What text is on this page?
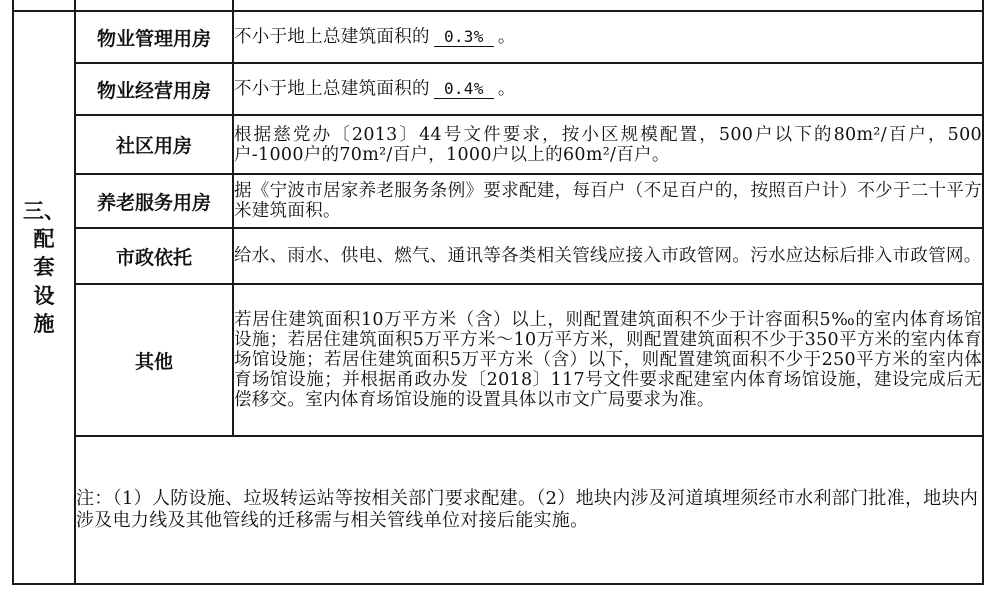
三、
配
套
设
施	物业管理用房	不小于地上总建筑面积的 0.3% 。
	物业经营用房	不小于地上总建筑面积的 0.4% 。
	社区用房	根据慈党办〔2013〕44号文件要求，按小区规模配置，500户以下的80m²/百户，500户-1000户的70m²/百户，1000户以上的60m²/百户。
	养老服务用房	据《宁波市居家养老服务条例》要求配建，每百户（不足百户的，按照百户计）不少于二十平方米建筑面积。
	市政依托	给水、雨水、供电、燃气、通讯等各类相关管线应接入市政管网。污水应达标后排入市政管网。
	其他	若居住建筑面积10万平方米（含）以上，则配置建筑面积不少于计容面积5‰的室内体育场馆设施；若居住建筑面积5万平方米～10万平方米，则配置建筑面积不少于350平方米的室内体育场馆设施；若居住建筑面积5万平方米（含）以下，则配置建筑面积不少于250平方米的室内体育场馆设施；并根据甬政办发〔2018〕117号文件要求配建室内体育场馆设施，建设完成后无偿移交。室内体育场馆设施的设置具体以市文广局要求为准。
	注：（1）人防设施、垃圾转运站等按相关部门要求配建。（2）地块内涉及河道填埋须经市水利部门批准，地块内涉及电力线及其他管线的迁移需与相关管线单位对接后能实施。	
